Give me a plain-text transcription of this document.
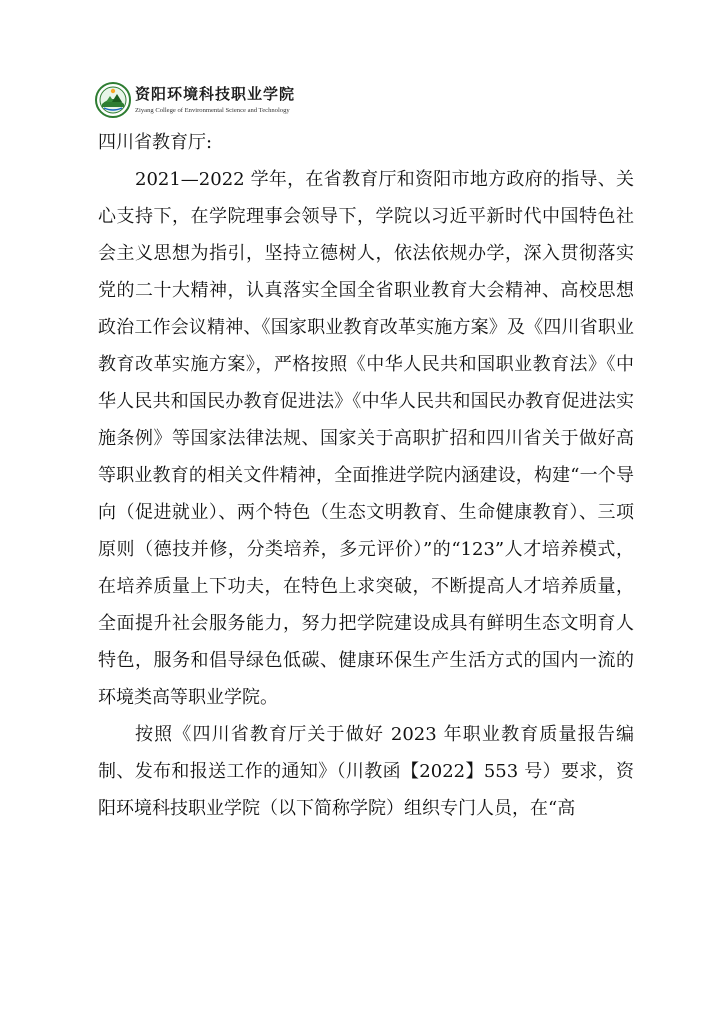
资阳环境科技职业学院
Ziyang College of Environmental Science and Technology

四川省教育厅:

2021—2022 学年，在省教育厅和资阳市地方政府的指导、关心支持下，在学院理事会领导下，学院以习近平新时代中国特色社会主义思想为指引，坚持立德树人，依法依规办学，深入贯彻落实党的二十大精神，认真落实全国全省职业教育大会精神、高校思想政治工作会议精神、《国家职业教育改革实施方案》及《四川省职业教育改革实施方案》，严格按照《中华人民共和国职业教育法》《中华人民共和国民办教育促进法》《中华人民共和国民办教育促进法实施条例》等国家法律法规、国家关于高职扩招和四川省关于做好高等职业教育的相关文件精神，全面推进学院内涵建设，构建“一个导向（促进就业）、两个特色（生态文明教育、生命健康教育）、三项原则（德技并修，分类培养，多元评价）”的“123”人才培养模式，在培养质量上下功夫，在特色上求突破，不断提高人才培养质量，全面提升社会服务能力，努力把学院建设成具有鲜明生态文明育人特色，服务和倡导绿色低碳、健康环保生产生活方式的国内一流的环境类高等职业学院。

按照《四川省教育厅关于做好 2023 年职业教育质量报告编制、发布和报送工作的通知》（川教函【2022】553 号）要求，资阳环境科技职业学院（以下简称学院）组织专门人员，在“高
